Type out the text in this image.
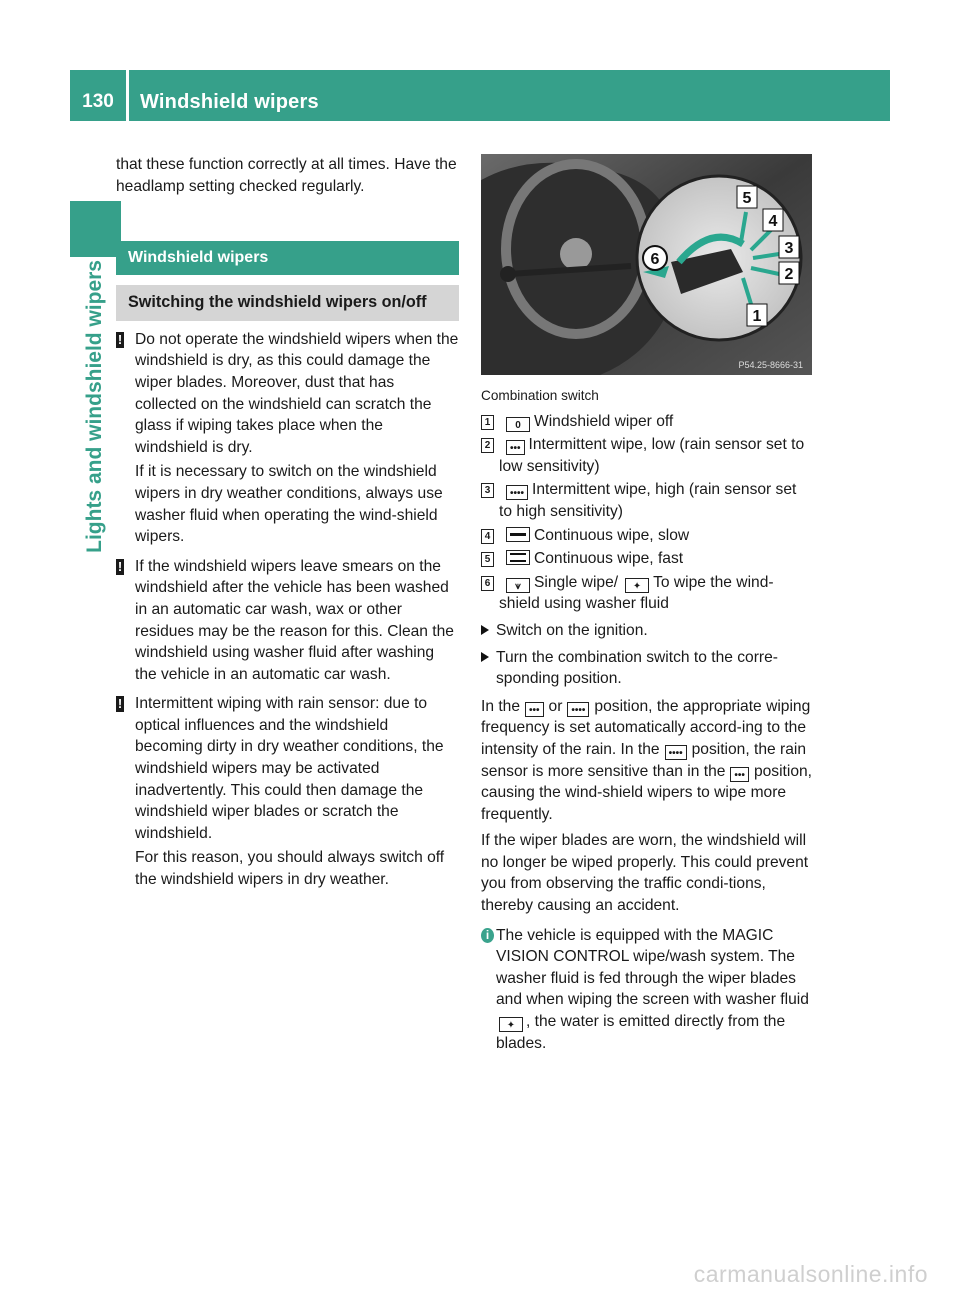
130	Windshield wipers
Lights and windshield wipers

that these function correctly at all times. Have the headlamp setting checked regularly.

Windshield wipers
Switching the windshield wipers on/off
! Do not operate the windshield wipers when the windshield is dry, as this could damage the wiper blades. Moreover, dust that has collected on the windshield can scratch the glass if wiping takes place when the windshield is dry.

If it is necessary to switch on the windshield wipers in dry weather conditions, always use washer fluid when operating the wind-shield wipers.

! If the windshield wipers leave smears on the windshield after the vehicle has been washed in an automatic car wash, wax or other residues may be the reason for this. Clean the windshield using washer fluid after washing the vehicle in an automatic car wash.

! Intermittent wiping with rain sensor: due to optical influences and the windshield becoming dirty in dry weather conditions, the windshield wipers may be activated inadvertently. This could then damage the windshield wiper blades or scratch the windshield.

For this reason, you should always switch off the windshield wipers in dry weather.

5
4
3
2
1
6
P54.25-8666-31

Combination switch

1	0 Windshield wiper off
2	••• Intermittent wipe, low (rain sensor set to low sensitivity)
3	•••• Intermittent wipe, high (rain sensor set to high sensitivity)
4	Continuous wipe, slow
5	Continuous wipe, fast
6	⩛ Single wipe/ ✦ To wipe the wind-shield using washer fluid
Switch on the ignition.
Turn the combination switch to the corre-sponding position.

In the ••• or •••• position, the appropriate wiping frequency is set automatically accord-ing to the intensity of the rain. In the •••• position, the rain sensor is more sensitive than in the ••• position, causing the wind-shield wipers to wipe more frequently.

If the wiper blades are worn, the windshield will no longer be wiped properly. This could prevent you from observing the traffic condi-tions, thereby causing an accident.

i The vehicle is equipped with the MAGIC VISION CONTROL wipe/wash system. The washer fluid is fed through the wiper blades and when wiping the screen with washer fluid✦ , the water is emitted directly from the blades.
carmanualsonline.info
